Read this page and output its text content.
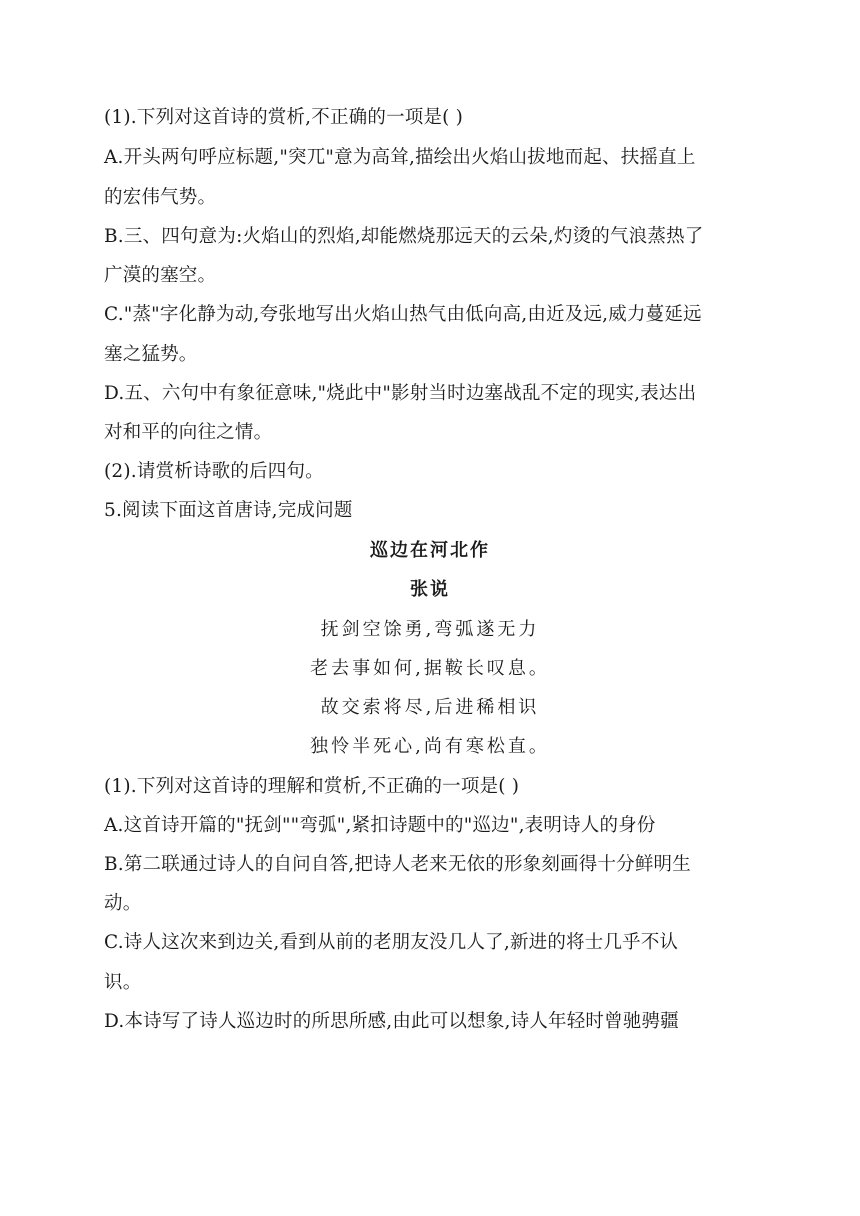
(1).下列对这首诗的赏析,不正确的一项是( )
A.开头两句呼应标题,"突兀"意为高耸,描绘出火焰山拔地而起、扶摇直上
的宏伟气势。
B.三、四句意为:火焰山的烈焰,却能燃烧那远天的云朵,灼烫的气浪蒸热了
广漠的塞空。
C."蒸"字化静为动,夸张地写出火焰山热气由低向高,由近及远,威力蔓延远
塞之猛势。
D.五、六句中有象征意味,"烧此中"影射当时边塞战乱不定的现实,表达出
对和平的向往之情。
(2).请赏析诗歌的后四句。
5.阅读下面这首唐诗,完成问题
巡边在河北作
张说
抚剑空馀勇,弯弧遂无力
老去事如何,据鞍长叹息。
故交索将尽,后进稀相识
独怜半死心,尚有寒松直。
(1).下列对这首诗的理解和赏析,不正确的一项是( )
A.这首诗开篇的"抚剑""弯弧",紧扣诗题中的"巡边",表明诗人的身份
B.第二联通过诗人的自问自答,把诗人老来无依的形象刻画得十分鲜明生
动。
C.诗人这次来到边关,看到从前的老朋友没几人了,新进的将士几乎不认
识。
D.本诗写了诗人巡边时的所思所感,由此可以想象,诗人年轻时曾驰骋疆
